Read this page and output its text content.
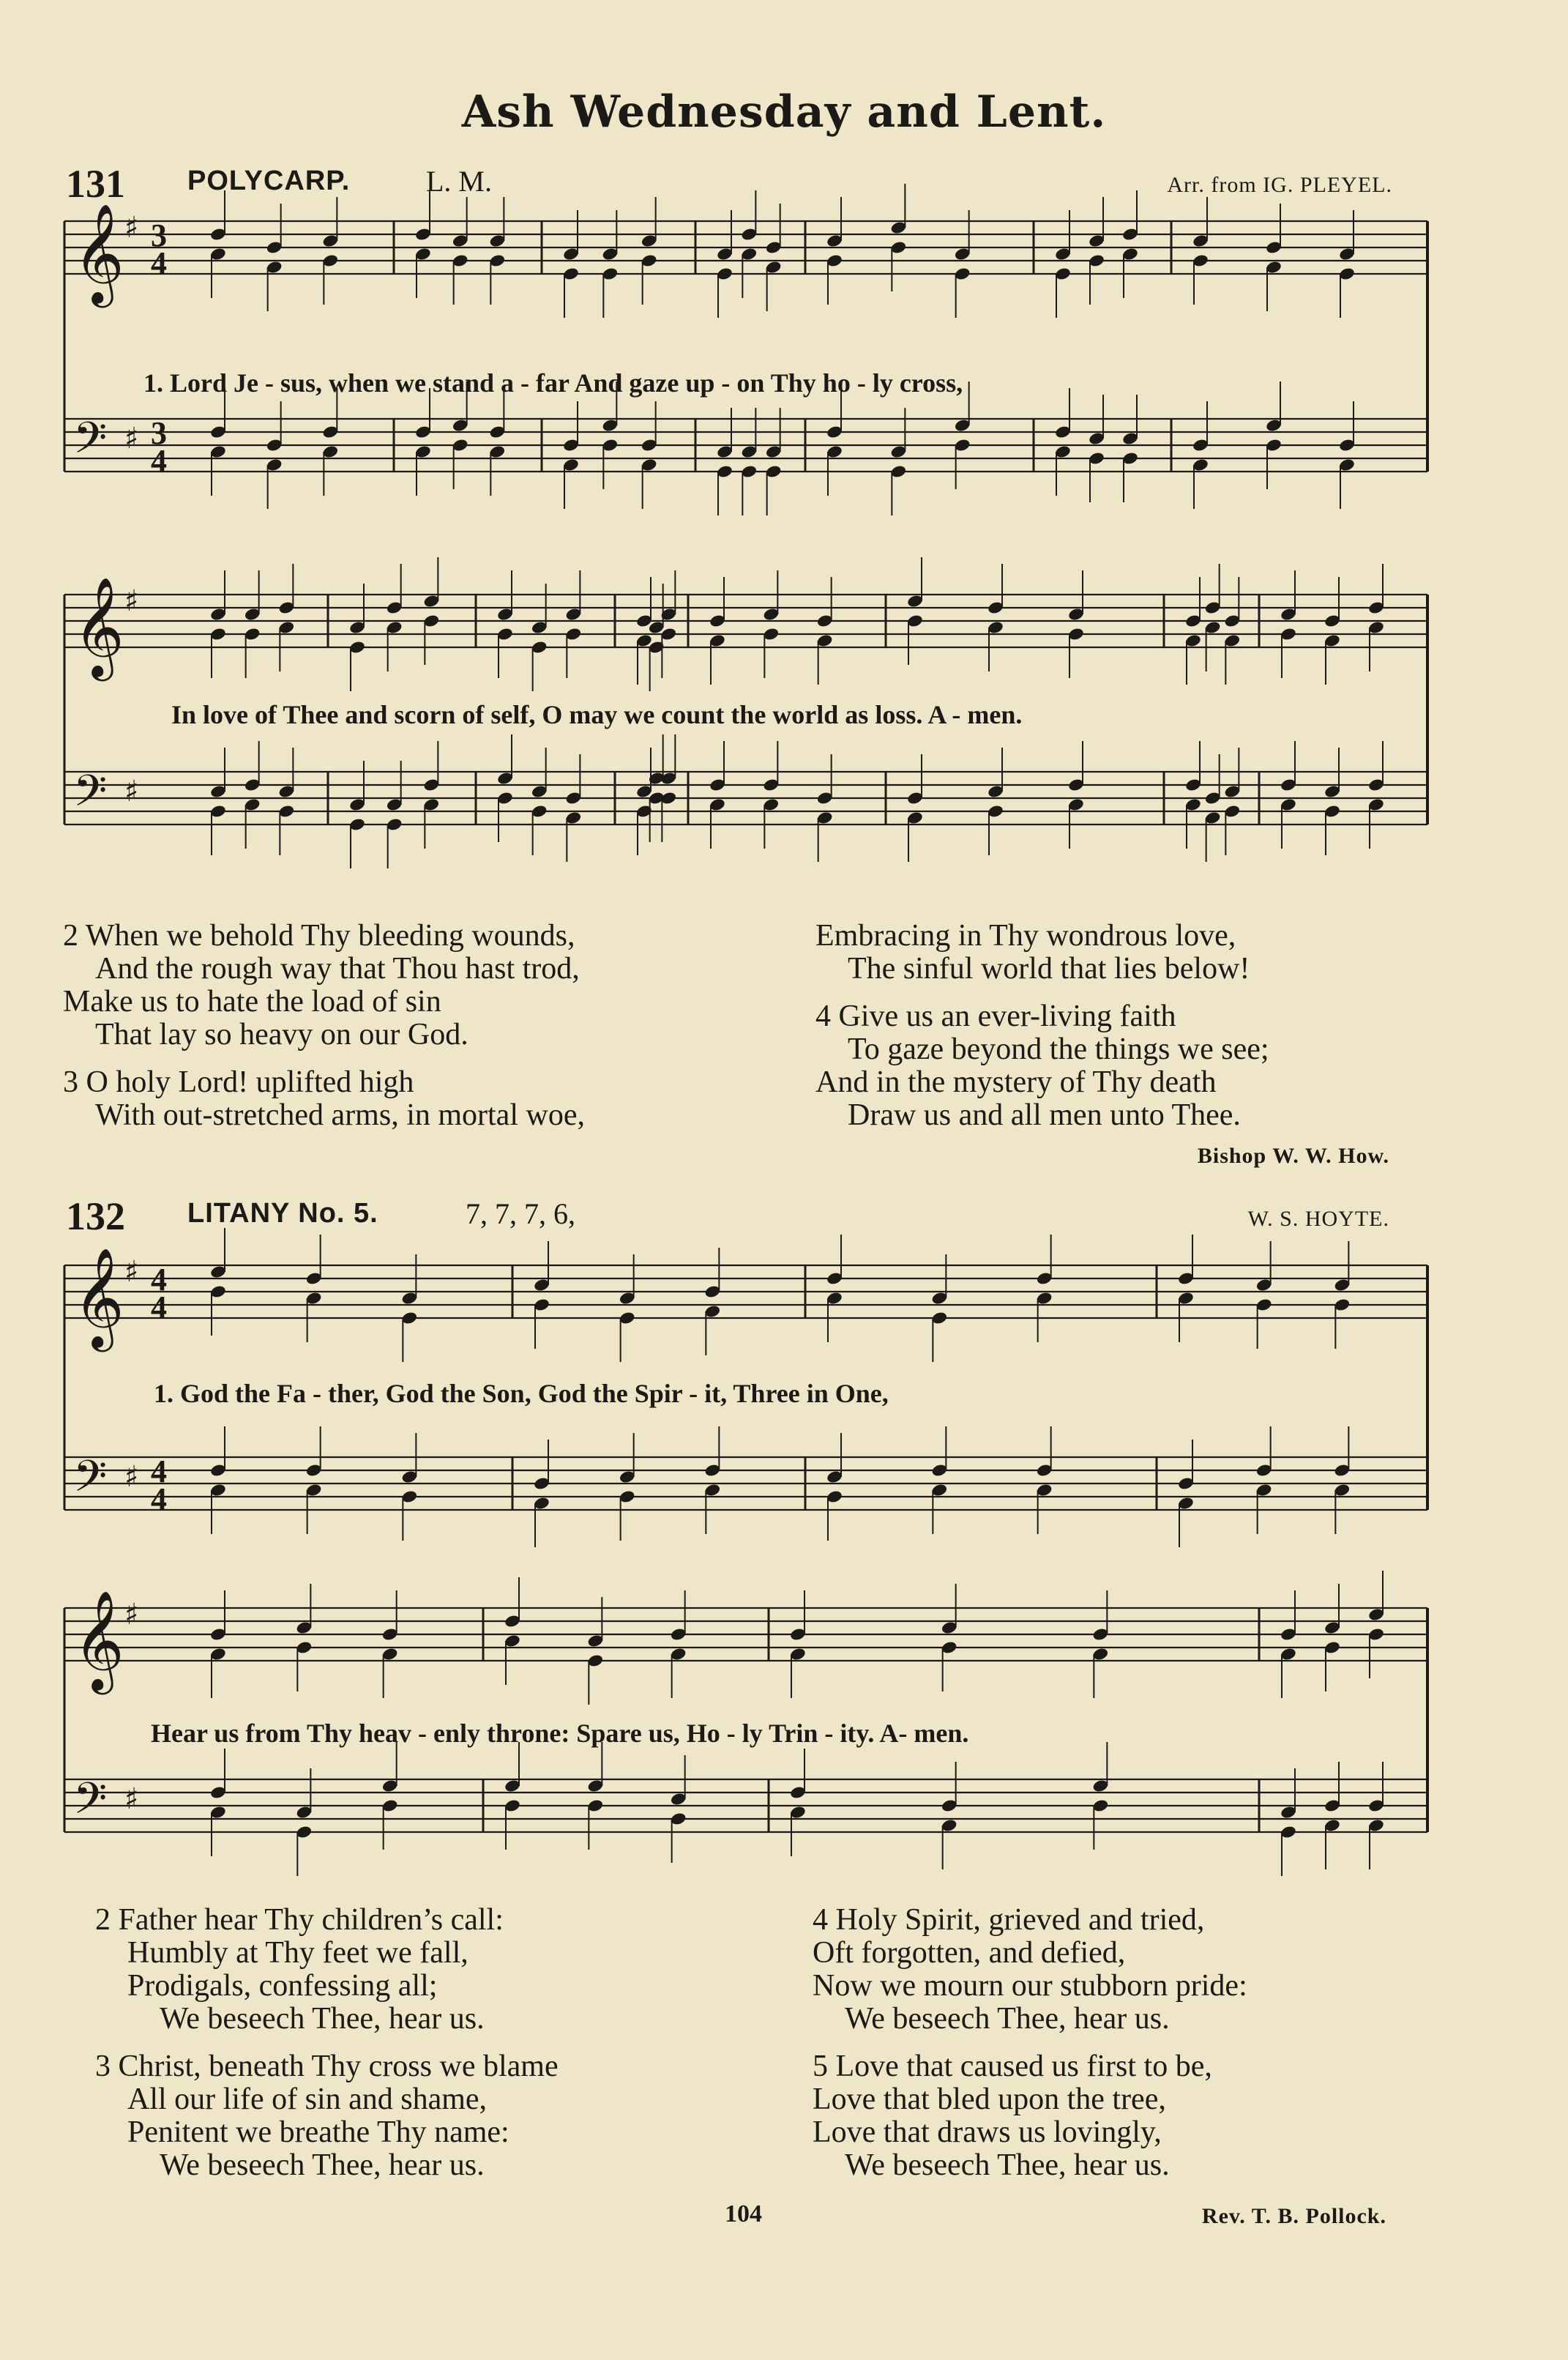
Ash Wednesday and Lent.
131 POLYCARP.	L. M.	Arr. from IG. PLEYEL.
𝄞 ♯
𝄢 ♯
𝄞 ♯
𝄢 ♯
𝄞 ♯
𝄢 ♯
𝄞 ♯
𝄢 ♯
3
4
3
4
4
4
4
4
1. Lord Je - sus, when we stand a - far And gaze up - on Thy ho - ly cross,
In love of Thee and scorn of self, O may we count the world as loss. A - men.
2 When we behold Thy bleeding wounds,
And the rough way that Thou hast trod,
Make us to hate the load of sin
That lay so heavy on our God.
3 O holy Lord! uplifted high
With out-stretched arms, in mortal woe,
Embracing in Thy wondrous love,
The sinful world that lies below!
4 Give us an ever-living faith
To gaze beyond the things we see;
And in the mystery of Thy death
Draw us and all men unto Thee.
Bishop W. W. How.
132 LITANY No. 5.	7, 7, 7, 6,	W. S. HOYTE.
1. God the Fa - ther, God the Son, God the Spir - it, Three in One,
Hear us from Thy heav - enly throne: Spare us, Ho - ly Trin - ity. A- men.
2 Father hear Thy children’s call:
Humbly at Thy feet we fall,
Prodigals, confessing all;
We beseech Thee, hear us.
3 Christ, beneath Thy cross we blame
All our life of sin and shame,
Penitent we breathe Thy name:
We beseech Thee, hear us.
4 Holy Spirit, grieved and tried,
Oft forgotten, and defied,
Now we mourn our stubborn pride:
We beseech Thee, hear us.
5 Love that caused us first to be,
Love that bled upon the tree,
Love that draws us lovingly,
We beseech Thee, hear us.
104	Rev. T. B. Pollock.
